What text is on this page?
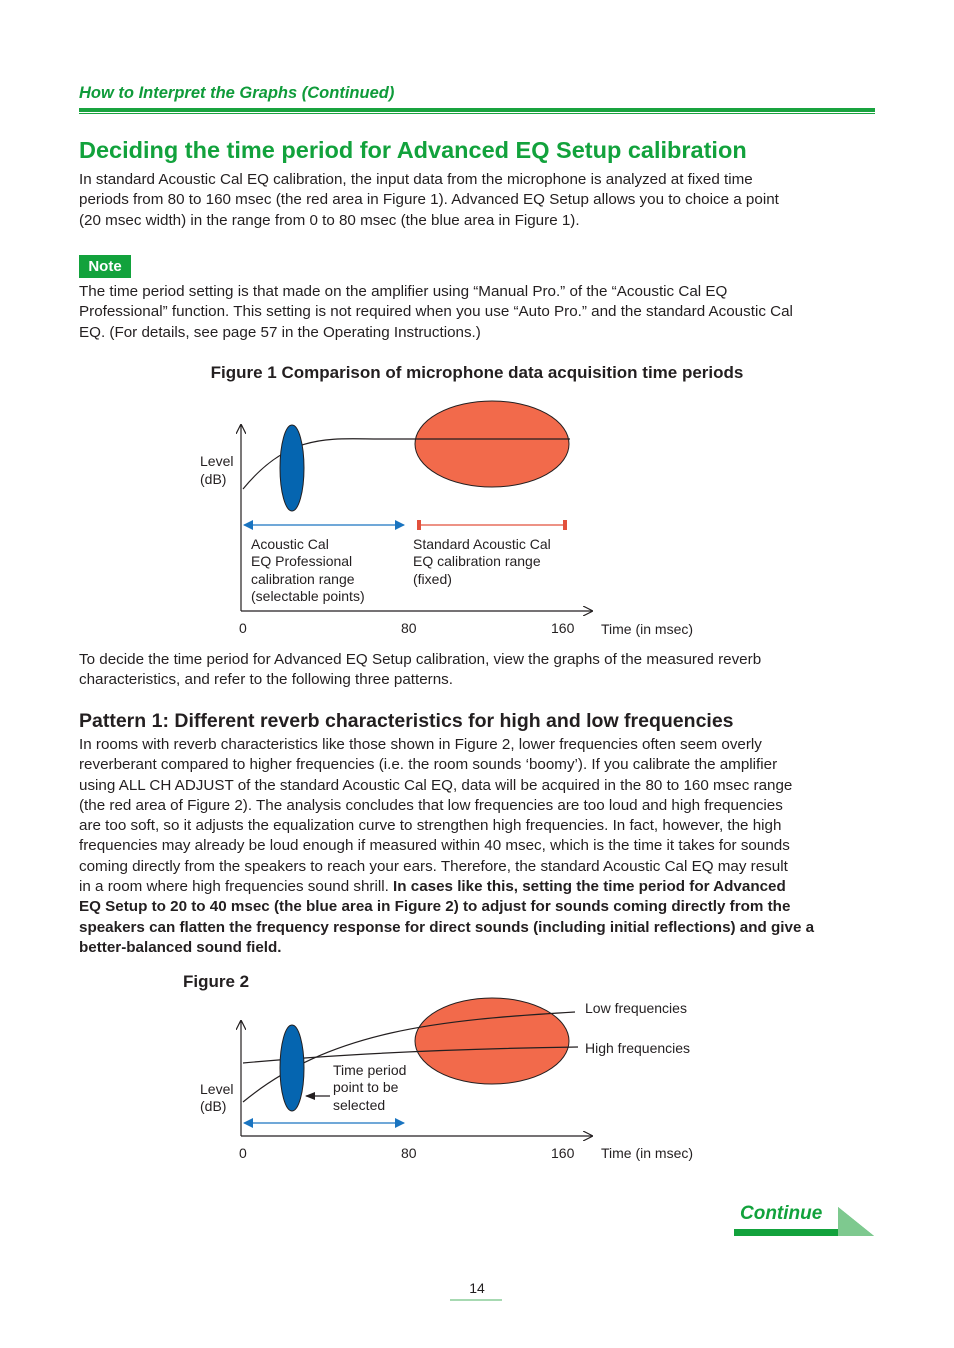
How to Interpret the Graphs (Continued)
Deciding the time period for Advanced EQ Setup calibration
In standard Acoustic Cal EQ calibration, the input data from the microphone is analyzed at fixed time
periods from 80 to 160 msec (the red area in Figure 1). Advanced EQ Setup allows you to choice a point
(20 msec width) in the range from 0 to 80 msec (the blue area in Figure 1).
Note
The time period setting is that made on the amplifier using “Manual Pro.” of the “Acoustic Cal EQ
Professional” function. This setting is not required when you use “Auto Pro.” and the standard Acoustic Cal
EQ. (For details, see page 57 in the Operating Instructions.)
Figure 1 Comparison of microphone data acquisition time periods
Level
(dB)
Acoustic Cal EQ Professional calibration range (selectable points)
Standard Acoustic Cal EQ calibration range (fixed)
0	80	160 Time (in msec)
Level
(dB)
Time period point to be selected
Low frequencies
High frequencies
0	80	160 Time (in msec)
To decide the time period for Advanced EQ Setup calibration, view the graphs of the measured reverb
characteristics, and refer to the following three patterns.
Pattern 1: Different reverb characteristics for high and low frequencies
In rooms with reverb characteristics like those shown in Figure 2, lower frequencies often seem overly
reverberant compared to higher frequencies (i.e. the room sounds ‘boomy’). If you calibrate the amplifier
using ALL CH ADJUST of the standard Acoustic Cal EQ, data will be acquired in the 80 to 160 msec range
(the red area of Figure 2). The analysis concludes that low frequencies are too loud and high frequencies
are too soft, so it adjusts the equalization curve to strengthen high frequencies. In fact, however, the high
frequencies may already be loud enough if measured within 40 msec, which is the time it takes for sounds
coming directly from the speakers to reach your ears. Therefore, the standard Acoustic Cal EQ may result
in a room where high frequencies sound shrill. In cases like this, setting the time period for Advanced
EQ Setup to 20 to 40 msec (the blue area in Figure 2) to adjust for sounds coming directly from the
speakers can flatten the frequency response for direct sounds (including initial reflections) and give a
better-balanced sound field.
Figure 2
Continue
14
